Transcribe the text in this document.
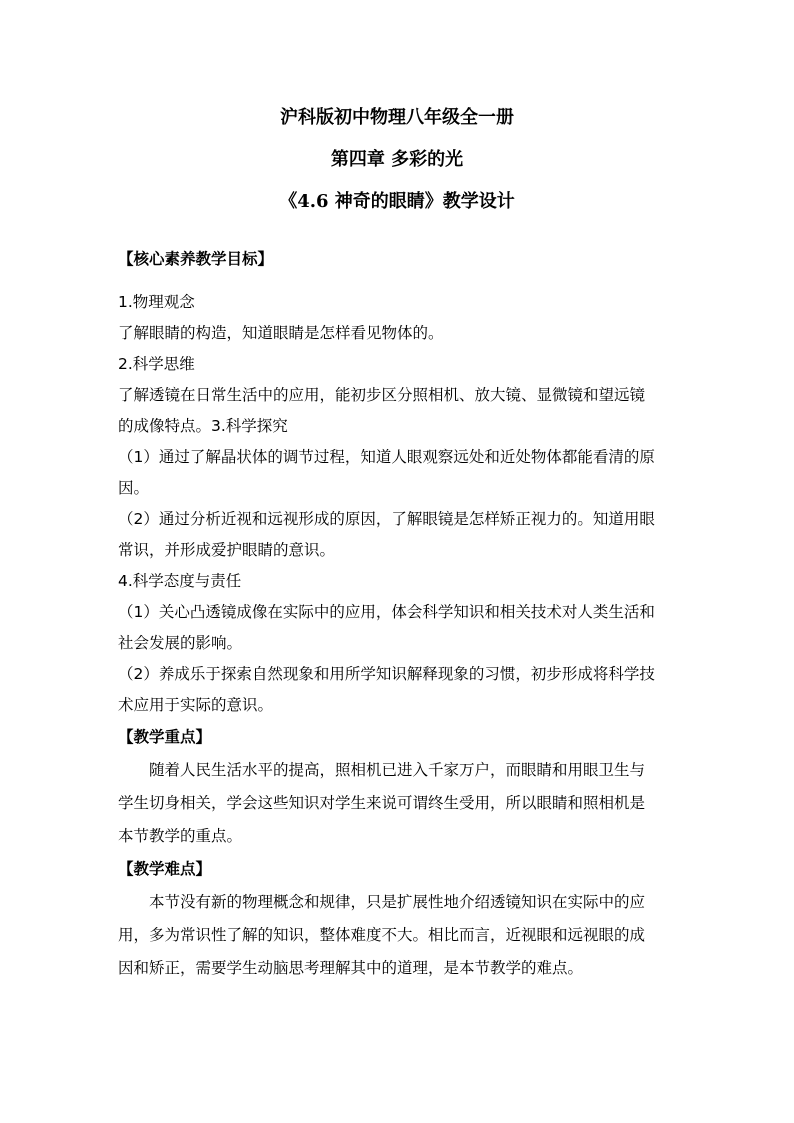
沪科版初中物理八年级全一册
第四章 多彩的光
《4.6 神奇的眼睛》教学设计
【核心素养教学目标】
1.物理观念
了解眼睛的构造，知道眼睛是怎样看见物体的。
2.科学思维
了解透镜在日常生活中的应用，能初步区分照相机、放大镜、显微镜和望远镜
的成像特点。3.科学探究
（1）通过了解晶状体的调节过程，知道人眼观察远处和近处物体都能看清的原
因。
（2）通过分析近视和远视形成的原因，了解眼镜是怎样矫正视力的。知道用眼
常识，并形成爱护眼睛的意识。
4.科学态度与责任
（1）关心凸透镜成像在实际中的应用，体会科学知识和相关技术对人类生活和
社会发展的影响。
（2）养成乐于探索自然现象和用所学知识解释现象的习惯，初步形成将科学技
术应用于实际的意识。
【教学重点】
随着人民生活水平的提高，照相机已进入千家万户，而眼睛和用眼卫生与
学生切身相关，学会这些知识对学生来说可谓终生受用，所以眼睛和照相机是
本节教学的重点。
【教学难点】
本节没有新的物理概念和规律，只是扩展性地介绍透镜知识在实际中的应
用，多为常识性了解的知识，整体难度不大。相比而言，近视眼和远视眼的成
因和矫正，需要学生动脑思考理解其中的道理，是本节教学的难点。
